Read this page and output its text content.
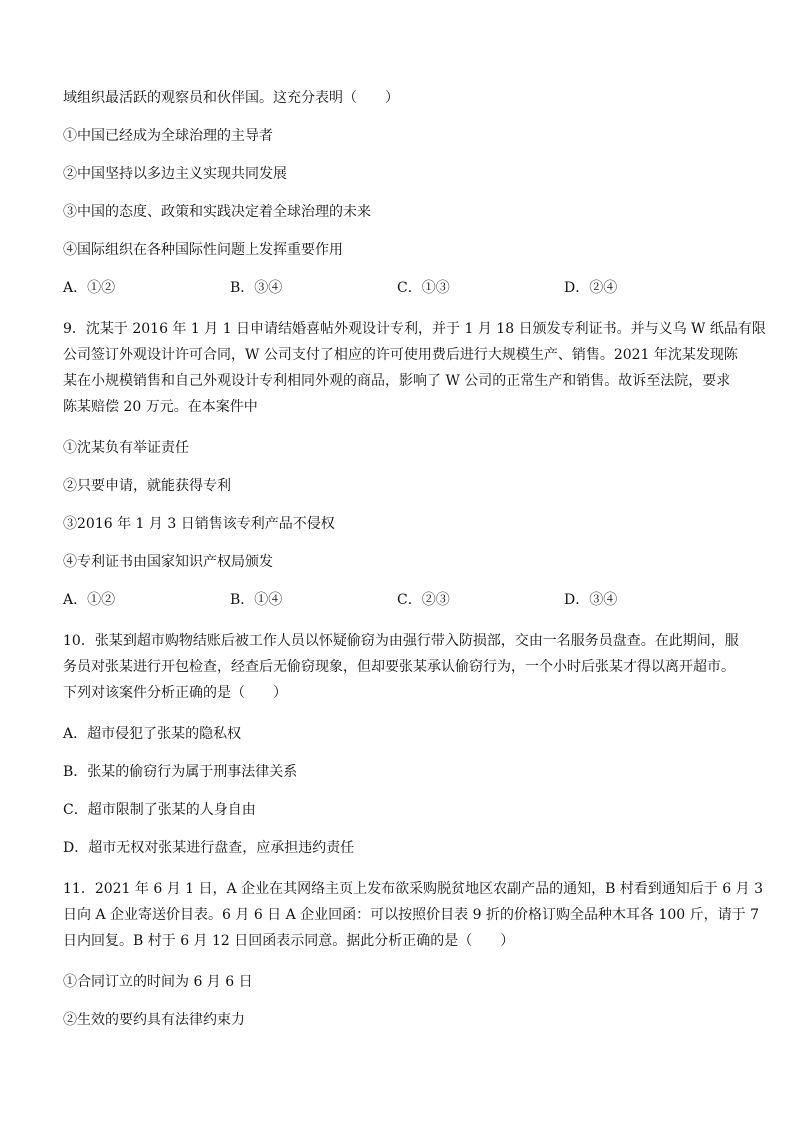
域组织最活跃的观察员和伙伴国。这充分表明（　　）
①中国已经成为全球治理的主导者
②中国坚持以多边主义实现共同发展
③中国的态度、政策和实践决定着全球治理的未来
④国际组织在各种国际性问题上发挥重要作用
A．①②	B．③④	C．①③	D．②④
9．沈某于 2016 年 1 月 1 日申请结婚喜帖外观设计专利，并于 1 月 18 日颁发专利证书。并与义乌 W 纸品有限
公司签订外观设计许可合同，W 公司支付了相应的许可使用费后进行大规模生产、销售。2021 年沈某发现陈
某在小规模销售和自己外观设计专利相同外观的商品，影响了 W 公司的正常生产和销售。故诉至法院，要求
陈某赔偿 20 万元。在本案件中
①沈某负有举证责任
②只要申请，就能获得专利
③2016 年 1 月 3 日销售该专利产品不侵权
④专利证书由国家知识产权局颁发
A．①②	B．①④	C．②③	D．③④
10．张某到超市购物结账后被工作人员以怀疑偷窃为由强行带入防损部，交由一名服务员盘查。在此期间，服
务员对张某进行开包检查，经查后无偷窃现象，但却要张某承认偷窃行为，一个小时后张某才得以离开超市。
下列对该案件分析正确的是（　　）
A．超市侵犯了张某的隐私权
B．张某的偷窃行为属于刑事法律关系
C．超市限制了张某的人身自由
D．超市无权对张某进行盘查，应承担违约责任
11．2021 年 6 月 1 日，A 企业在其网络主页上发布欲采购脱贫地区农副产品的通知，B 村看到通知后于 6 月 3
日向 A 企业寄送价目表。6 月 6 日 A 企业回函：可以按照价目表 9 折的价格订购全品种木耳各 100 斤，请于 7
日内回复。B 村于 6 月 12 日回函表示同意。据此分析正确的是（　　）
①合同订立的时间为 6 月 6 日
②生效的要约具有法律约束力
